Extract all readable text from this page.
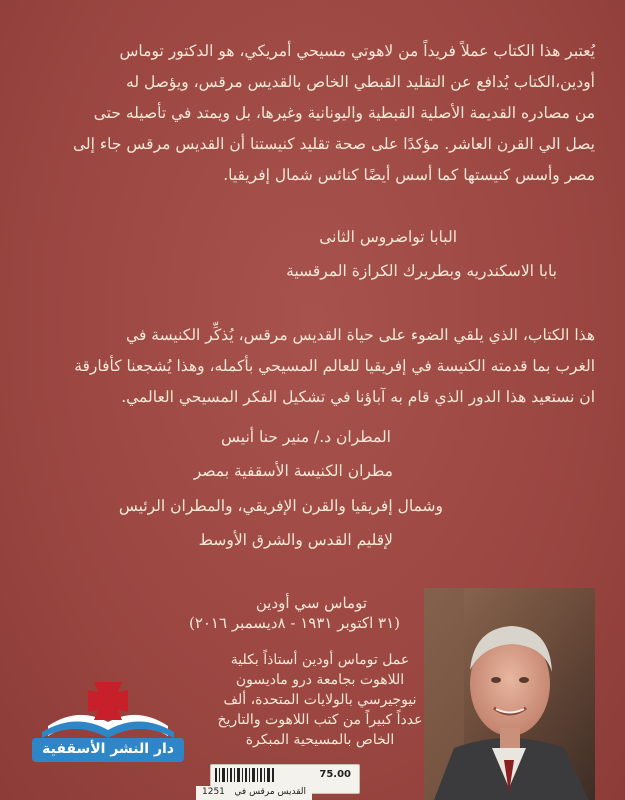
يُعتبر هذا الكتاب عملاً فريداً من لاهوتي مسيحي أمريكي، هو الدكتور توماس
أودين،الكتاب يُدافع عن التقليد القبطي الخاص بالقديس مرقس، ويؤصل له
من مصادره القديمة الأصلية القبطية واليونانية وغيرها، بل ويمتد في تأصيله حتى
يصل الي القرن العاشر. مؤكدًا على صحة تقليد كنيستنا أن القديس مرقس جاء إلى
مصر وأسس كنيستها كما أسس أيضًا كنائس شمال إفريقيا.
البابا تواضروس الثانى
بابا الاسكندريه وبطريرك الكرازة المرقسية
هذا الكتاب، الذي يلقي الضوء على حياة القديس مرقس، يُذكِّر الكنيسة في
الغرب بما قدمته الكنيسة في إفريقيا للعالم المسيحي بأكمله، وهذا يُشجعنا كأفارقة
ان نستعيد هذا الدور الذي قام به آباؤنا في تشكيل الفكر المسيحي العالمي.
المطران د./ منير حنا أنيس
مطران الكنيسة الأسقفية بمصر
وشمال إفريقيا والقرن الإفريقي، والمطران الرئيس
لإقليم القدس والشرق الأوسط
توماس سي أودين
(٣١ اكتوبر ١٩٣١ - ٨ديسمبر ٢٠١٦)
عمل توماس أودين أستاذاً بكلية
اللاهوت بجامعة درو ماديسون
نيوجيرسي بالولايات المتحدة، ألف
عدداً كبيراً من كتب اللاهوت والتاريخ
الخاص بالمسيحية المبكرة
دار النشر الأسقفية
75.00
1251 القديس مرقس في
